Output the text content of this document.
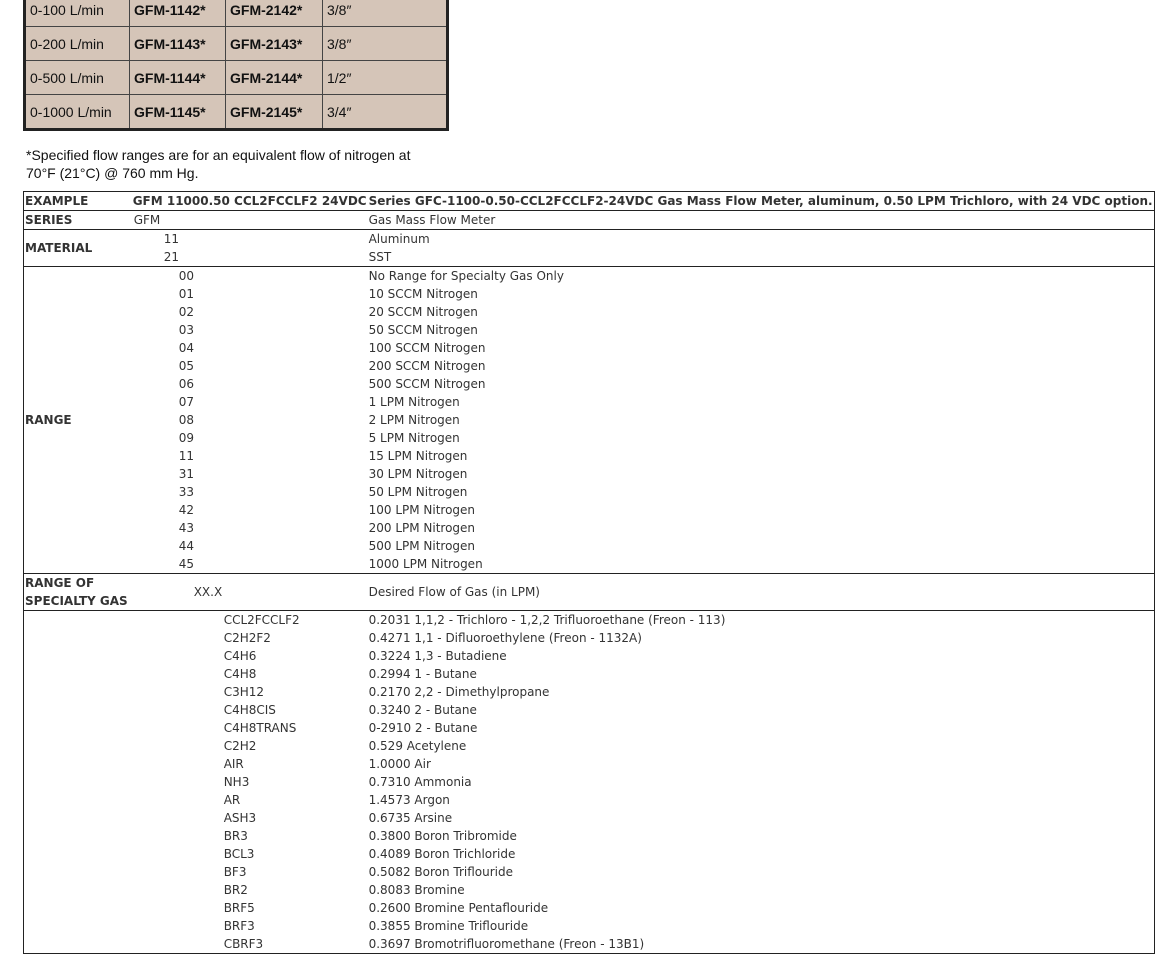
0-100 L/min	GFM-1142*	GFM-2142*	3/8″
0-200 L/min	GFM-1143*	GFM-2143*	3/8″
0-500 L/min	GFM-1144*	GFM-2144*	1/2″
0-1000 L/min	GFM-1145*	GFM-2145*	3/4″
*Specified flow ranges are for an equivalent flow of nitrogen at
70°F (21°C) @ 760 mm Hg.
EXAMPLE	GFM 11000.50 CCL2FCCLF2 24VDC	Series GFC-1100-0.50-CCL2FCCLF2-24VDC Gas Mass Flow Meter, aluminum, 0.50 LPM Trichloro, with 24 VDC option.
SERIES	GFM	Gas Mass Flow Meter
MATERIAL	11	Aluminum
	21	SST
RANGE	00	No Range for Specialty Gas Only
	01	10 SCCM Nitrogen
	02	20 SCCM Nitrogen
	03	50 SCCM Nitrogen
	04	100 SCCM Nitrogen
	05	200 SCCM Nitrogen
	06	500 SCCM Nitrogen
	07	1 LPM Nitrogen
	08	2 LPM Nitrogen
	09	5 LPM Nitrogen
	11	15 LPM Nitrogen
	31	30 LPM Nitrogen
	33	50 LPM Nitrogen
	42	100 LPM Nitrogen
	43	200 LPM Nitrogen
	44	500 LPM Nitrogen
	45	1000 LPM Nitrogen

RANGE OF
SPECIALTY GAS	XX.X	Desired Flow of Gas (in LPM)
	CCL2FCCLF2	0.2031 1,1,2 - Trichloro - 1,2,2 Trifluoroethane (Freon - 113)
	C2H2F2	0.4271 1,1 - Difluoroethylene (Freon - 1132A)
	C4H6	0.3224 1,3 - Butadiene
	C4H8	0.2994 1 - Butane
	C3H12	0.2170 2,2 - Dimethylpropane
	C4H8CIS	0.3240 2 - Butane
	C4H8TRANS	0-2910 2 - Butane
	C2H2	0.529 Acetylene
	AIR	1.0000 Air
	NH3	0.7310 Ammonia
	AR	1.4573 Argon
	ASH3	0.6735 Arsine
	BR3	0.3800 Boron Tribromide
	BCL3	0.4089 Boron Trichloride
	BF3	0.5082 Boron Triflouride
	BR2	0.8083 Bromine
	BRF5	0.2600 Bromine Pentaflouride
	BRF3	0.3855 Bromine Triflouride
	CBRF3	0.3697 Bromotrifluoromethane (Freon - 13B1)
